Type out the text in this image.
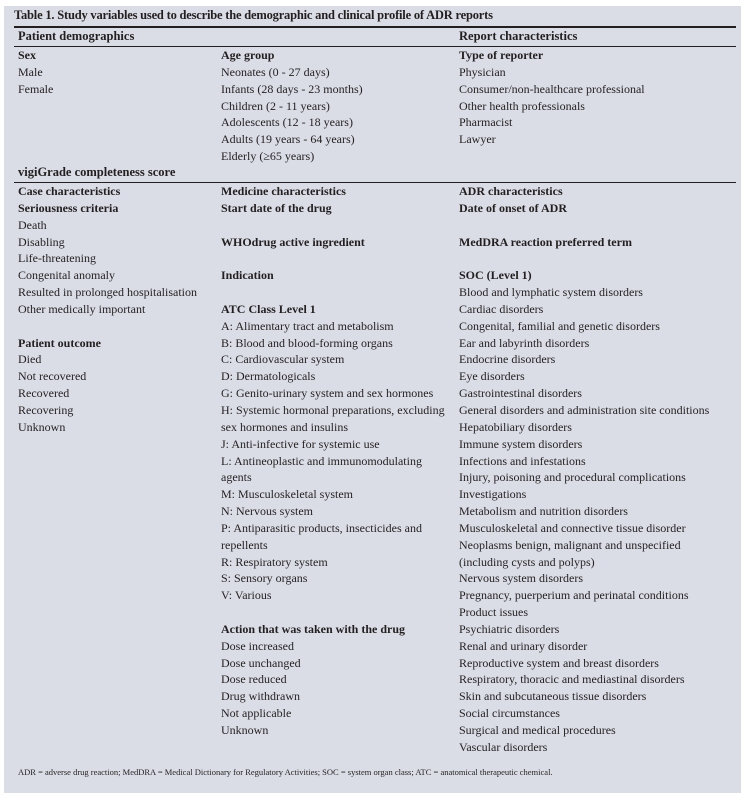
Table 1. Study variables used to describe the demographic and clinical profile of ADR reports
Patient demographics	Report characteristics
Sex
Male
Female
Age group
Neonates (0 - 27 days)
Infants (28 days - 23 months)
Children (2 - 11 years)
Adolescents (12 - 18 years)
Adults (19 years - 64 years)
Elderly (≥65 years)
Type of reporter
Physician
Consumer/non-healthcare professional
Other health professionals
Pharmacist
Lawyer
vigiGrade completeness score
Case characteristics
Seriousness criteria
Death
Disabling
Life-threatening
Congenital anomaly
Resulted in prolonged hospitalisation
Other medically important
Patient outcome
Died
Not recovered
Recovered
Recovering
Unknown
Medicine characteristics
Start date of the drug
WHOdrug active ingredient
Indication
ATC Class Level 1
A: Alimentary tract and metabolism
B: Blood and blood-forming organs
C: Cardiovascular system
D: Dermatologicals
G: Genito-urinary system and sex hormones
H: Systemic hormonal preparations, excluding
sex hormones and insulins
J: Anti-infective for systemic use
L: Antineoplastic and immunomodulating
agents
M: Musculoskeletal system
N: Nervous system
P: Antiparasitic products, insecticides and
repellents
R: Respiratory system
S: Sensory organs
V: Various
Action that was taken with the drug
Dose increased
Dose unchanged
Dose reduced
Drug withdrawn
Not applicable
Unknown
ADR characteristics
Date of onset of ADR
MedDRA reaction preferred term
SOC (Level 1)
Blood and lymphatic system disorders
Cardiac disorders
Congenital, familial and genetic disorders
Ear and labyrinth disorders
Endocrine disorders
Eye disorders
Gastrointestinal disorders
General disorders and administration site conditions
Hepatobiliary disorders
Immune system disorders
Infections and infestations
Injury, poisoning and procedural complications
Investigations
Metabolism and nutrition disorders
Musculoskeletal and connective tissue disorder
Neoplasms benign, malignant and unspecified
(including cysts and polyps)
Nervous system disorders
Pregnancy, puerperium and perinatal conditions
Product issues
Psychiatric disorders
Renal and urinary disorder
Reproductive system and breast disorders
Respiratory, thoracic and mediastinal disorders
Skin and subcutaneous tissue disorders
Social circumstances
Surgical and medical procedures
Vascular disorders
ADR = adverse drug reaction; MedDRA = Medical Dictionary for Regulatory Activities; SOC = system organ class; ATC = anatomical therapeutic chemical.
